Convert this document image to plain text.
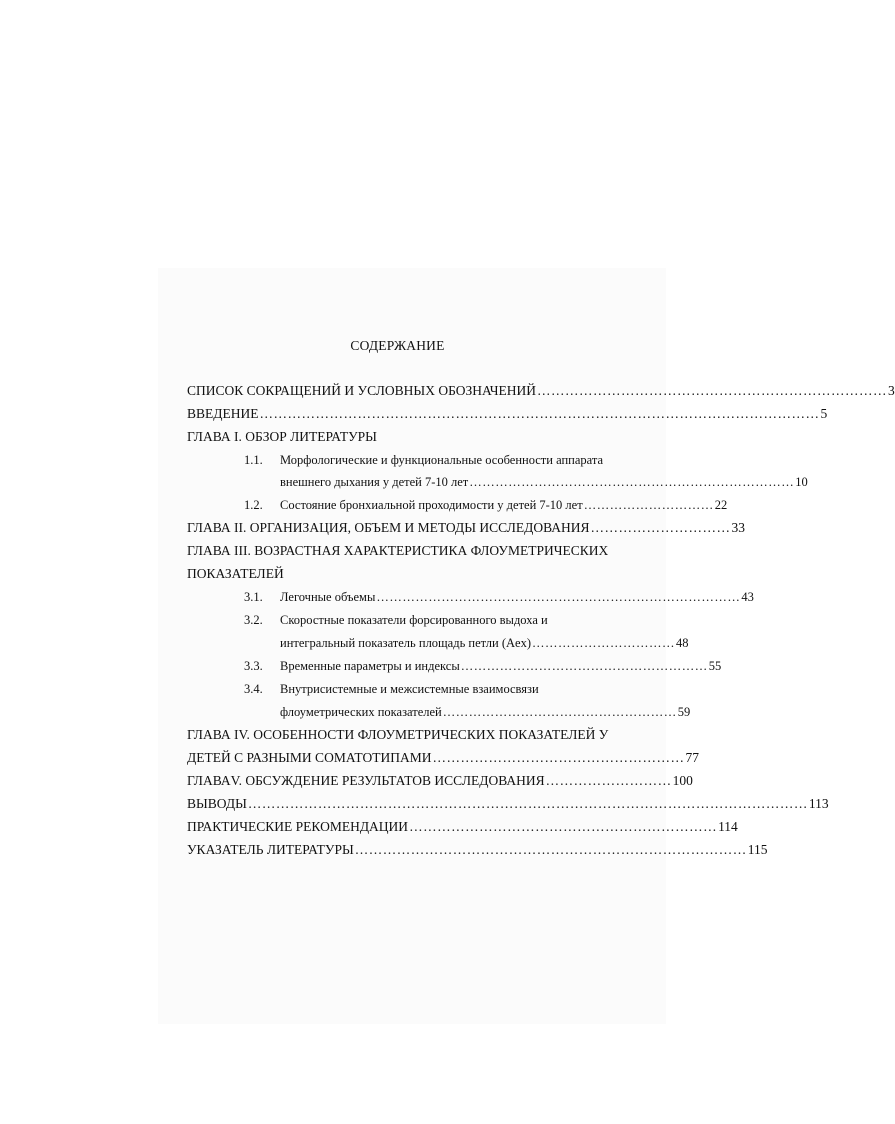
СОДЕРЖАНИЕ
СПИСОК СОКРАЩЕНИЙ И УСЛОВНЫХ ОБОЗНАЧЕНИЙ ………………………………………………………………… 3
ВВЕДЕНИЕ ………………………………………………………………………………………………………… 5
ГЛАВА I. ОБЗОР ЛИТЕРАТУРЫ
1.1. Морфологические и функциональные особенности аппарата
внешнего дыхания у детей 7-10 лет ………………………………………………………………… 10
1.2. Состояние бронхиальной проходимости у детей 7-10 лет ………………………… 22
ГЛАВА II. ОРГАНИЗАЦИЯ, ОБЪЕМ И МЕТОДЫ ИССЛЕДОВАНИЯ ………………………… 33
ГЛАВА III. ВОЗРАСТНАЯ ХАРАКТЕРИСТИКА ФЛОУМЕТРИЧЕСКИХ
ПОКАЗАТЕЛЕЙ
3.1. Легочные объемы ………………………………………………………………………… 43
3.2. Скоростные показатели форсированного выдоха и
интегральный показатель площадь петли (Aex) …………………………… 48
3.3. Временные параметры и индексы ………………………………………………… 55
3.4. Внутрисистемные и межсистемные взаимосвязи
флоуметрических показателей ……………………………………………… 59
ГЛАВА IV. ОСОБЕННОСТИ ФЛОУМЕТРИЧЕСКИХ ПОКАЗАТЕЛЕЙ У
ДЕТЕЙ С РАЗНЫМИ СОМАТОТИПАМИ ……………………………………………… 77
ГЛАВАV. ОБСУЖДЕНИЕ РЕЗУЛЬТАТОВ ИССЛЕДОВАНИЯ ……………………… 100
ВЫВОДЫ ………………………………………………………………………………………………………… 113
ПРАКТИЧЕСКИЕ РЕКОМЕНДАЦИИ ………………………………………………………… 114
УКАЗАТЕЛЬ ЛИТЕРАТУРЫ ………………………………………………………………………… 115
